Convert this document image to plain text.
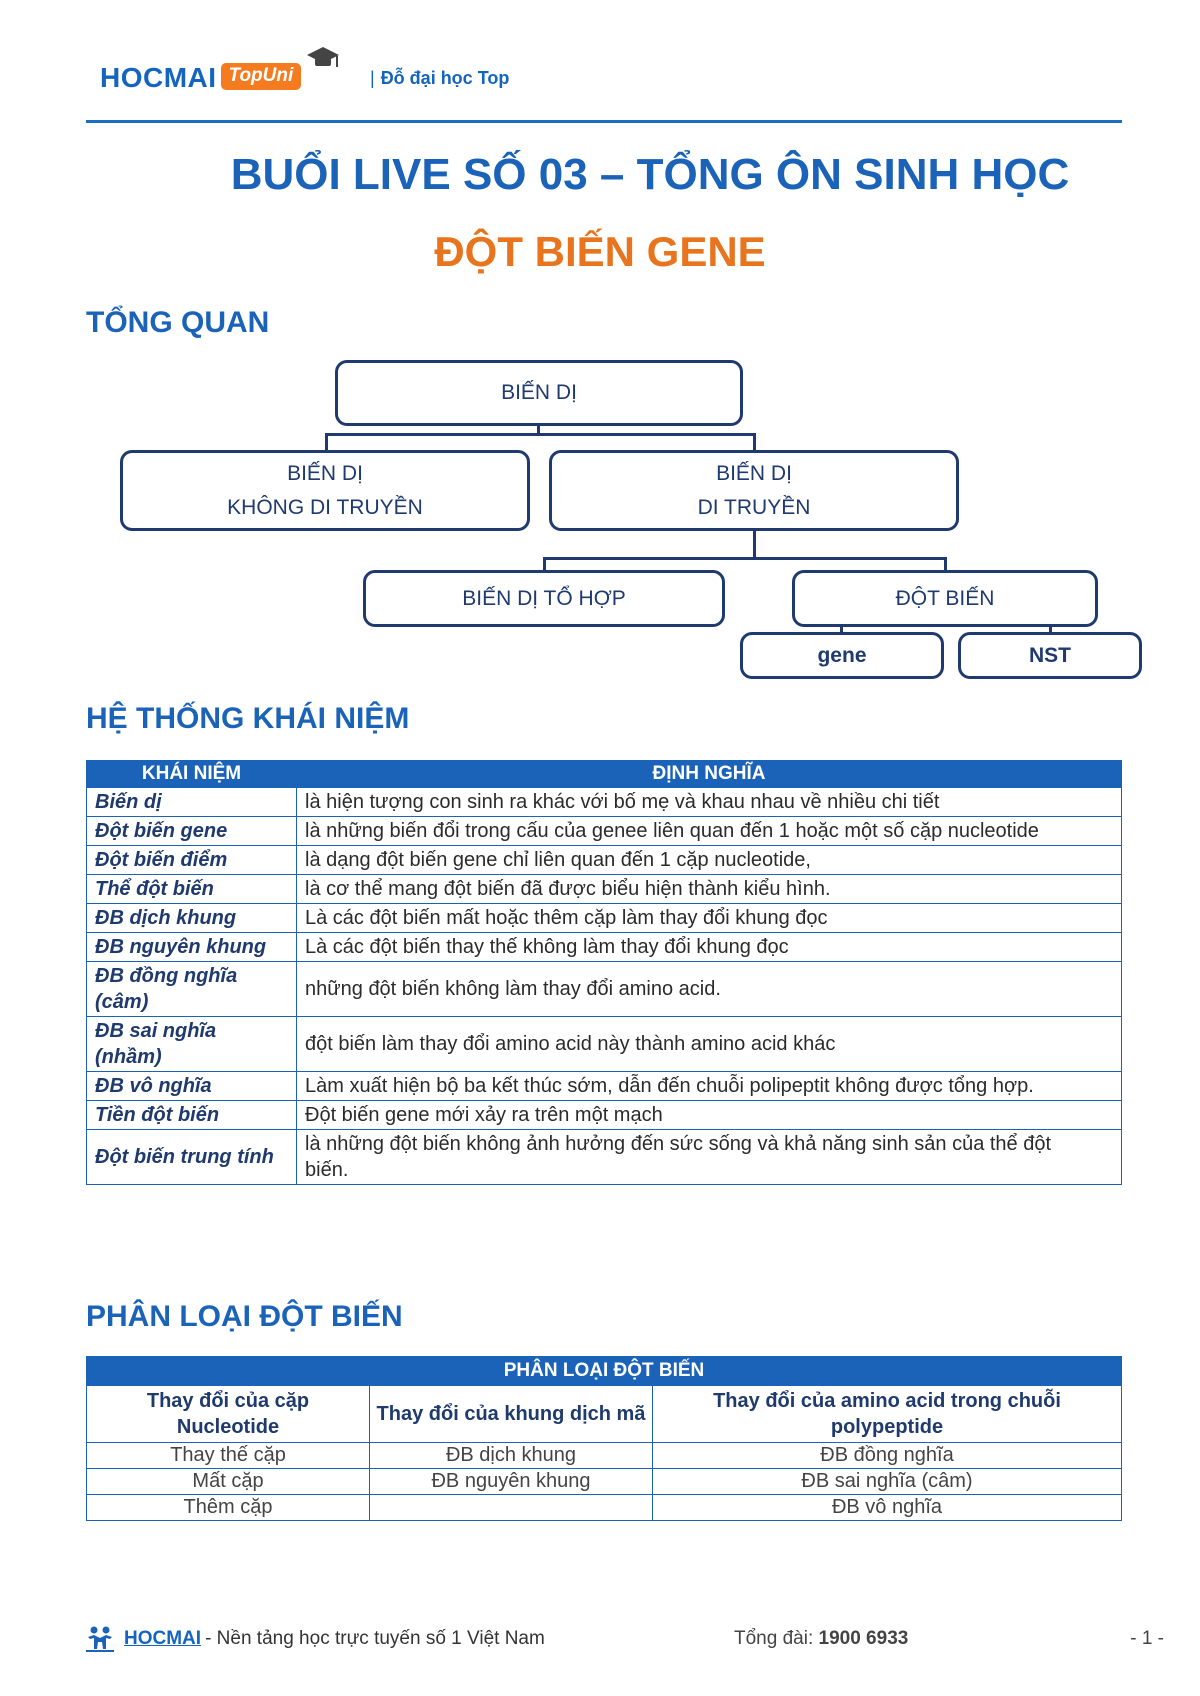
HOCMAI TopUni	| Đỗ đại học Top
BUỔI LIVE SỐ 03 – TỔNG ÔN SINH HỌC
ĐỘT BIẾN GENE
TỔNG QUAN
BIẾN DỊ
BIẾN DỊ
KHÔNG DI TRUYỀN
BIẾN DỊ
DI TRUYỀN
BIẾN DỊ TỔ HỢP	ĐỘT BIẾN
gene	NST
HỆ THỐNG KHÁI NIỆM
KHÁI NIỆM	ĐỊNH NGHĨA
Biến dị	là hiện tượng con sinh ra khác với bố mẹ và khau nhau về nhiều chi tiết
Đột biến gene	là những biến đổi trong cấu của genee liên quan đến 1 hoặc một số cặp nucleotide
Đột biến điểm	là dạng đột biến gene chỉ liên quan đến 1 cặp nucleotide,
Thể đột biến	là cơ thể mang đột biến đã được biểu hiện thành kiểu hình.
ĐB dịch khung	Là các đột biến mất hoặc thêm cặp làm thay đổi khung đọc
ĐB nguyên khung	Là các đột biến thay thế không làm thay đổi khung đọc
ĐB đồng nghĩa (câm)	những đột biến không làm thay đổi amino acid.
ĐB sai nghĩa (nhầm)	đột biến làm thay đổi amino acid này thành amino acid khác
ĐB vô nghĩa	Làm xuất hiện bộ ba kết thúc sớm, dẫn đến chuỗi polipeptit không được tổng hợp.
Tiền đột biến	Đột biến gene mới xảy ra trên một mạch
Đột biến trung tính	là những đột biến không ảnh hưởng đến sức sống và khả năng sinh sản của thể đột
biến.
PHÂN LOẠI ĐỘT BIẾN
PHÂN LOẠI ĐỘT BIẾN		
Thay đổi của cặp Nucleotide	Thay đổi của khung dịch mã	Thay đổi của amino acid trong chuỗi polypeptide
Thay thế cặp	ĐB dịch khung	ĐB đồng nghĩa
Mất cặp	ĐB nguyên khung	ĐB sai nghĩa (câm)
Thêm cặp		ĐB vô nghĩa
HOCMAI - Nền tảng học trực tuyến số 1 Việt Nam	Tổng đài: 1900 6933	- 1 -
